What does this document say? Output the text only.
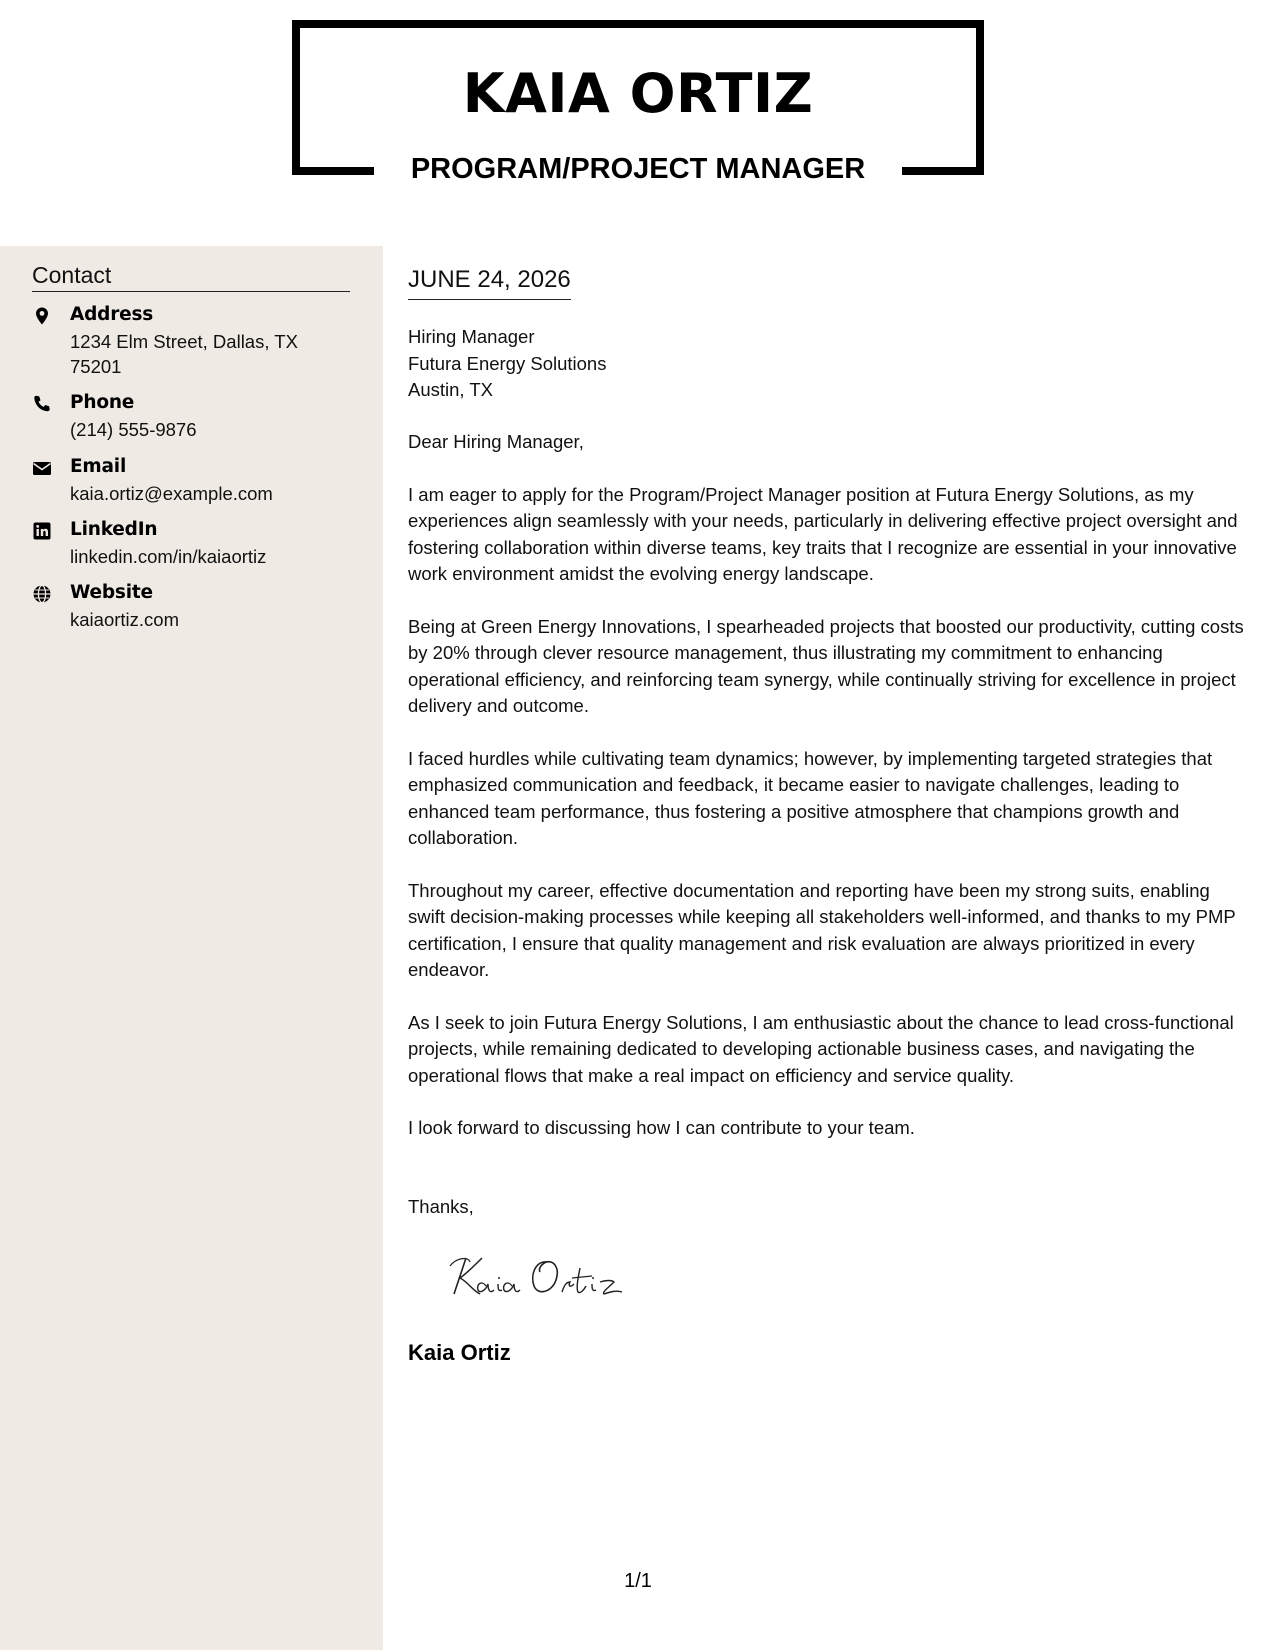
KAIA ORTIZ
PROGRAM/PROJECT MANAGER
Contact
Address
1234 Elm Street, Dallas, TX 75201
Phone
(214) 555-9876
Email
kaia.ortiz@example.com
LinkedIn
linkedin.com/in/kaiaortiz
Website
kaiaortiz.com
JUNE 24, 2026
Hiring Manager
Futura Energy Solutions
Austin, TX

Dear Hiring Manager,

I am eager to apply for the Program/Project Manager position at Futura Energy Solutions, as my experiences align seamlessly with your needs, particularly in delivering effective project oversight and fostering collaboration within diverse teams, key traits that I recognize are essential in your innovative work environment amidst the evolving energy landscape.

Being at Green Energy Innovations, I spearheaded projects that boosted our productivity, cutting costs by 20% through clever resource management, thus illustrating my commitment to enhancing operational efficiency, and reinforcing team synergy, while continually striving for excellence in project delivery and outcome.

I faced hurdles while cultivating team dynamics; however, by implementing targeted strategies that emphasized communication and feedback, it became easier to navigate challenges, leading to enhanced team performance, thus fostering a positive atmosphere that champions growth and collaboration.

Throughout my career, effective documentation and reporting have been my strong suits, enabling swift decision-making processes while keeping all stakeholders well-informed, and thanks to my PMP certification, I ensure that quality management and risk evaluation are always prioritized in every endeavor.

As I seek to join Futura Energy Solutions, I am enthusiastic about the chance to lead cross-functional projects, while remaining dedicated to developing actionable business cases, and navigating the operational flows that make a real impact on efficiency and service quality.

I look forward to discussing how I can contribute to your team.

Thanks,
Kaia Ortiz
1/1
